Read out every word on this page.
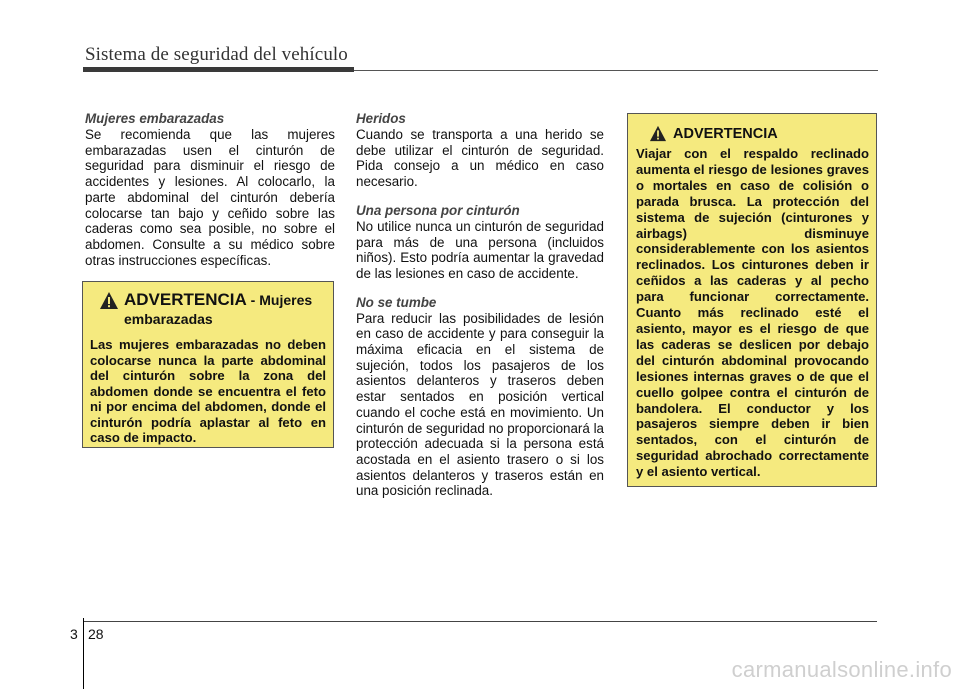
Sistema de seguridad del vehículo
Mujeres embarazadas

Se recomienda que las mujeres embarazadas usen el cinturón de seguridad para disminuir el riesgo de accidentes y lesiones. Al colocarlo, la parte abdominal del cinturón debería colocarse tan bajo y ceñido sobre las caderas como sea posible, no sobre el abdomen. Consulte a su médico sobre otras instrucciones específicas.

ADVERTENCIA - Mujeres
embarazadas

Las mujeres embarazadas no deben colocarse nunca la parte abdominal del cinturón sobre la zona del abdomen donde se encuentra el feto ni por encima del abdomen, donde el cinturón podría aplastar al feto en caso de impacto.

Heridos

Cuando se transporta a una herido se debe utilizar el cinturón de seguridad. Pida consejo a un médico en caso necesario.

Una persona por cinturón

No utilice nunca un cinturón de seguridad para más de una persona (incluidos niños). Esto podría aumentar la gravedad de las lesiones en caso de accidente.

No se tumbe

Para reducir las posibilidades de lesión en caso de accidente y para conseguir la máxima eficacia en el sistema de sujeción, todos los pasajeros de los asientos delanteros y traseros deben estar sentados en posición vertical cuando el coche está en movimiento. Un cinturón de seguridad no proporcionará la protección adecuada si la persona está acostada en el asiento trasero o si los asientos delanteros y traseros están en una posición reclinada.

ADVERTENCIA

Viajar con el respaldo reclinado aumenta el riesgo de lesiones graves o mortales en caso de colisión o parada brusca. La protección del sistema de sujeción (cinturones y airbags) disminuye considerablemente con los asientos reclinados. Los cinturones deben ir ceñidos a las caderas y al pecho para funcionar correctamente. Cuanto más reclinado esté el asiento, mayor es el riesgo de que las caderas se deslicen por debajo del cinturón abdominal provocando lesiones internas graves o de que el cuello golpee contra el cinturón de bandolera. El conductor y los pasajeros siempre deben ir bien sentados, con el cinturón de seguridad abrochado correctamente y el asiento vertical.

3 28
carmanualsonline.info
